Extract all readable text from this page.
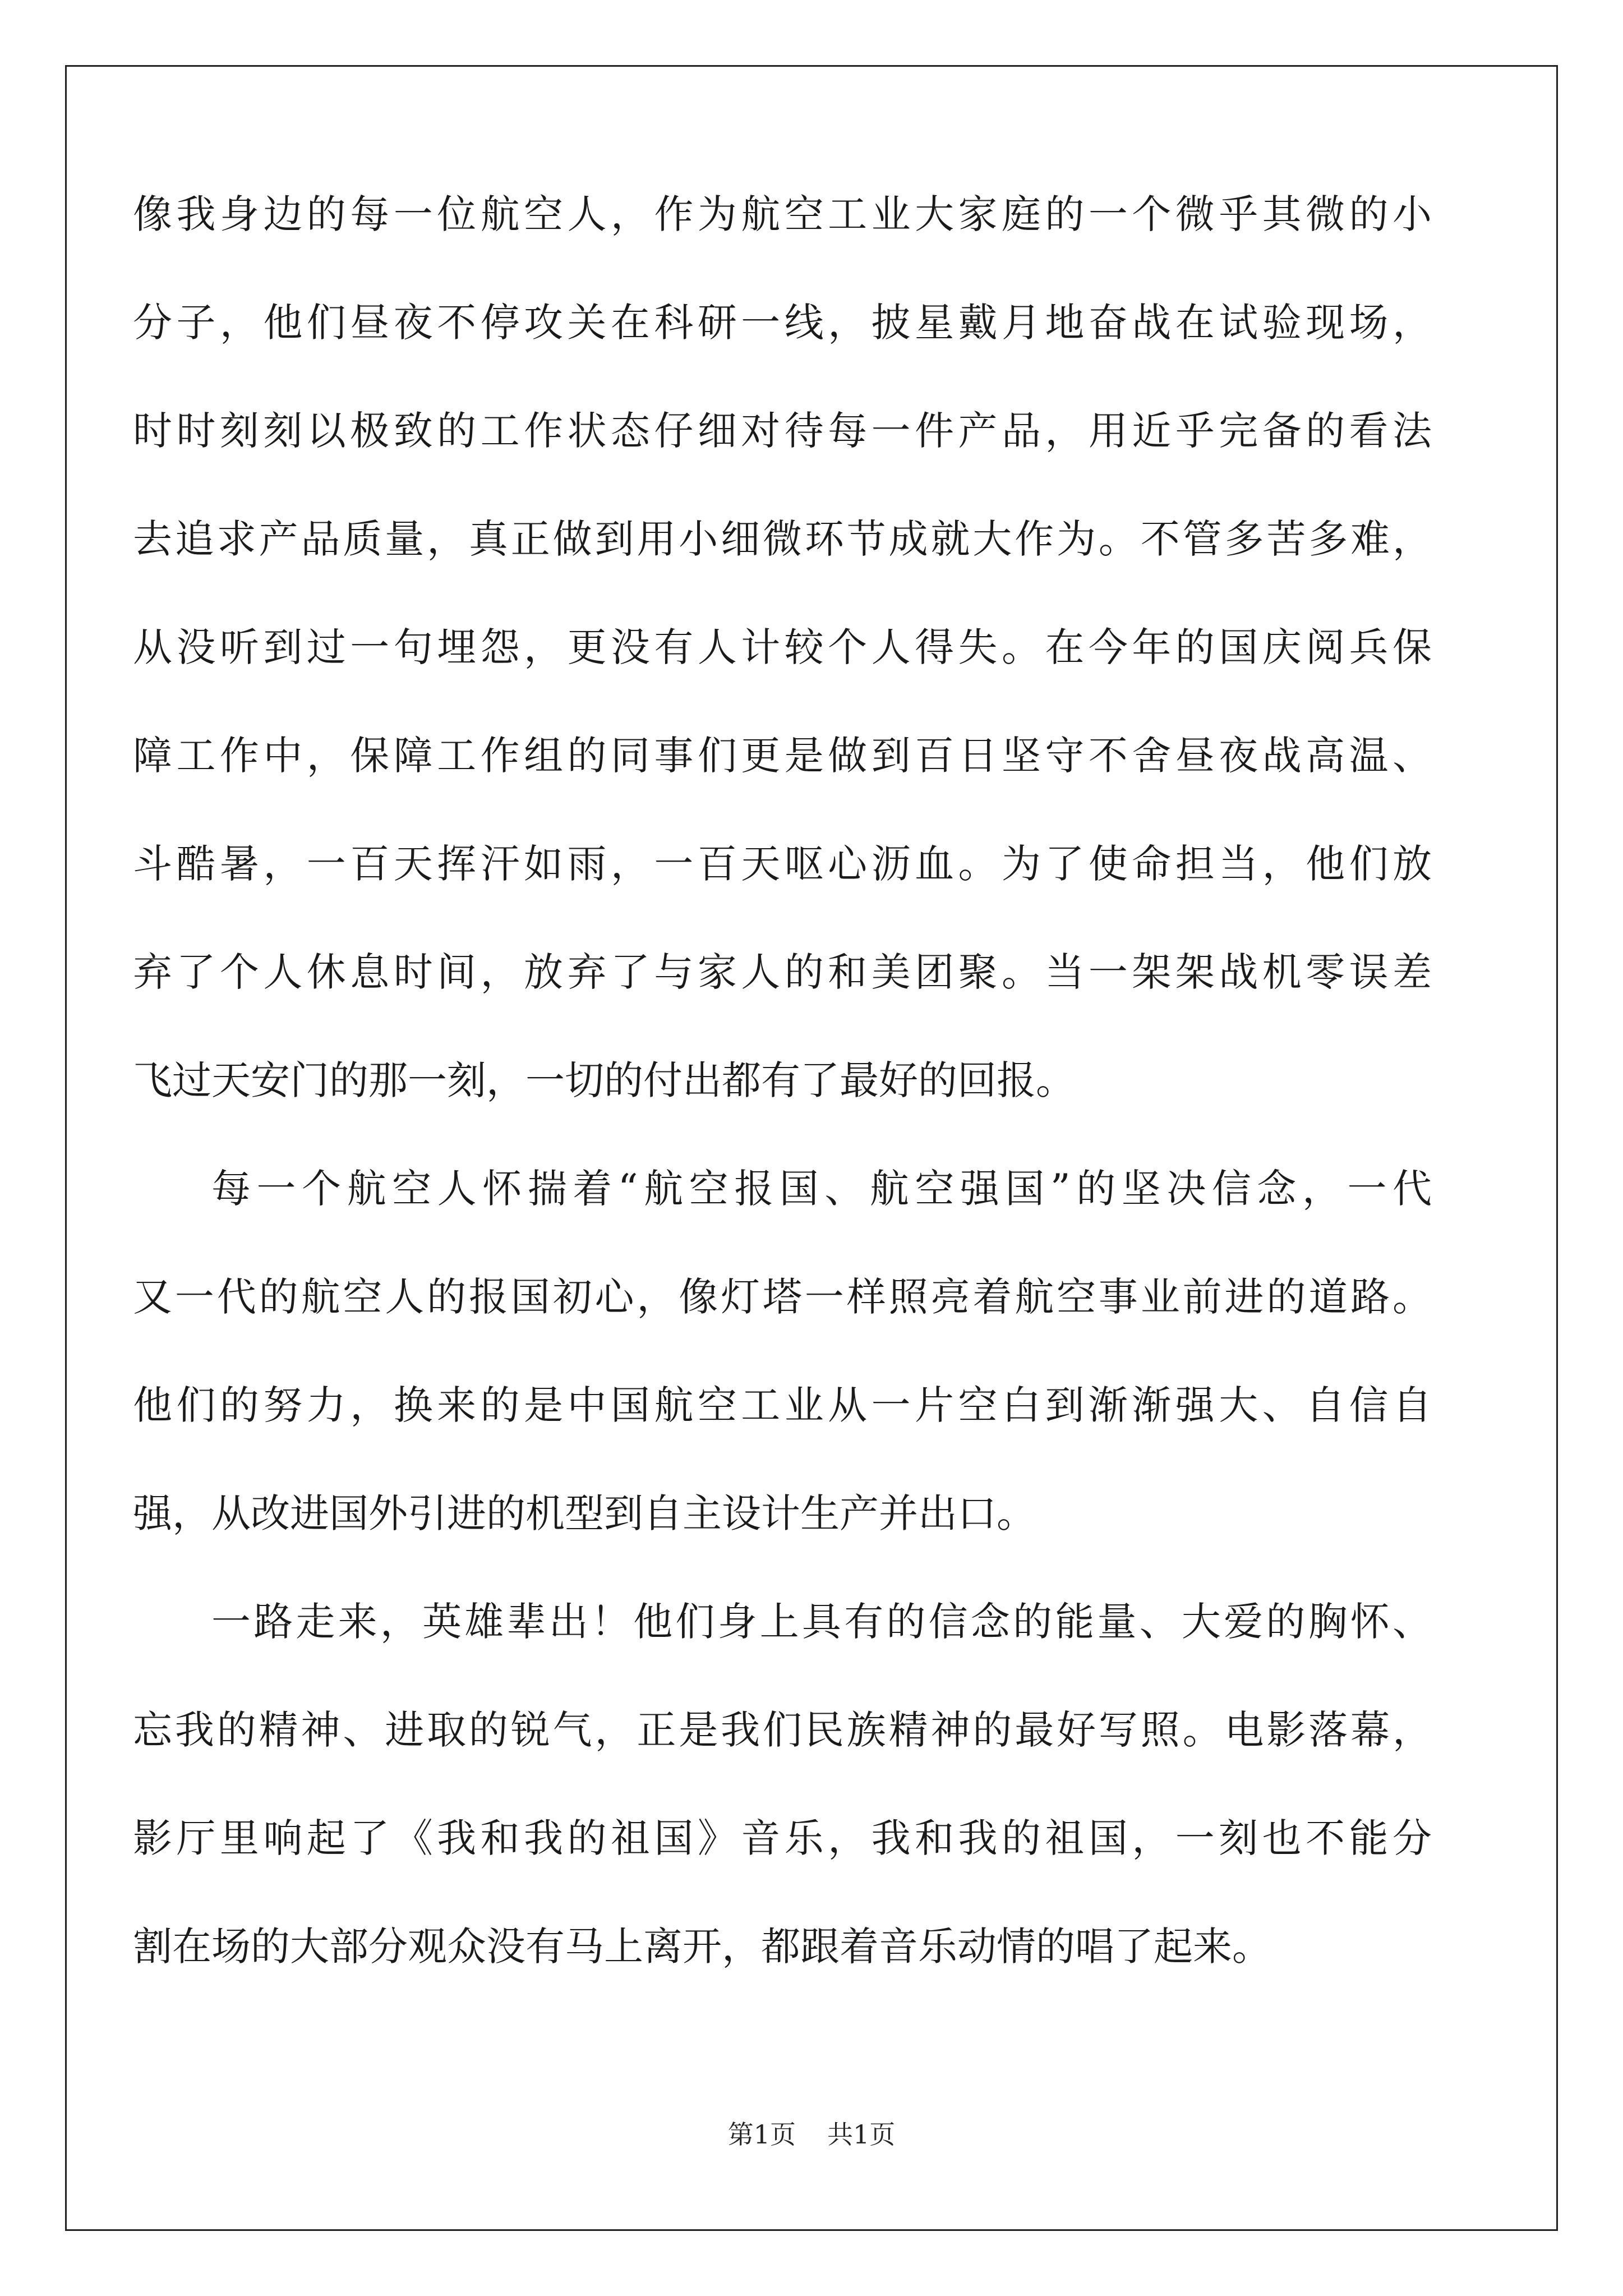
像我身边的每一位航空人，作为航空工业大家庭的一个微乎其微的小
分子，他们昼夜不停攻关在科研一线，披星戴月地奋战在试验现场，
时时刻刻以极致的工作状态仔细对待每一件产品，用近乎完备的看法
去追求产品质量，真正做到用小细微环节成就大作为。不管多苦多难，
从没听到过一句埋怨，更没有人计较个人得失。在今年的国庆阅兵保
障工作中，保障工作组的同事们更是做到百日坚守不舍昼夜战高温、
斗酷暑，一百天挥汗如雨，一百天呕心沥血。为了使命担当，他们放
弃了个人休息时间，放弃了与家人的和美团聚。当一架架战机零误差
飞过天安门的那一刻，一切的付出都有了最好的回报。
每一个航空人怀揣着“航空报国、航空强国”的坚决信念，一代
又一代的航空人的报国初心，像灯塔一样照亮着航空事业前进的道路。
他们的努力，换来的是中国航空工业从一片空白到渐渐强大、自信自
强，从改进国外引进的机型到自主设计生产并出口。
一路走来，英雄辈出！他们身上具有的信念的能量、大爱的胸怀、
忘我的精神、进取的锐气，正是我们民族精神的最好写照。电影落幕，
影厅里响起了《我和我的祖国》音乐，我和我的祖国，一刻也不能分
割在场的大部分观众没有马上离开，都跟着音乐动情的唱了起来。
第1页 共1页
